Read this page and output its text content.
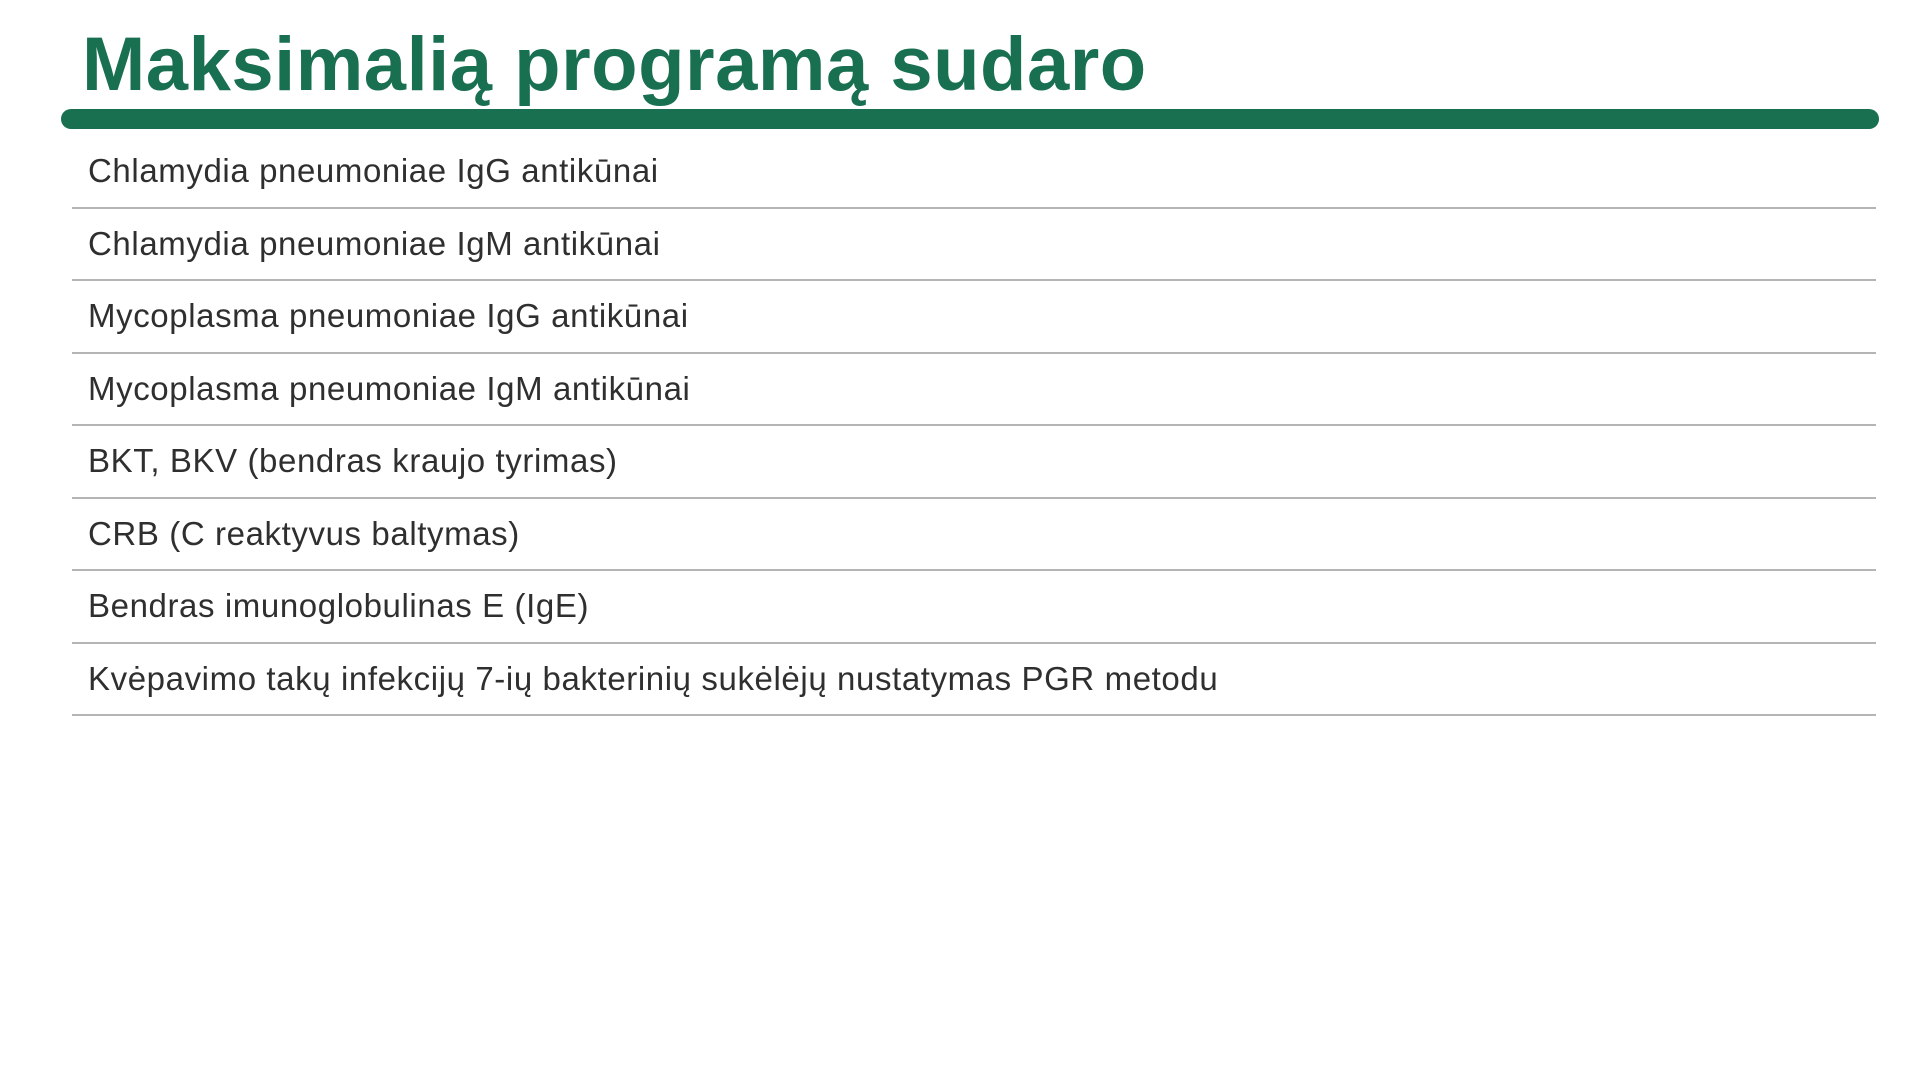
Maksimalią programą sudaro
Chlamydia pneumoniae IgG antikūnai
Chlamydia pneumoniae IgM antikūnai
Mycoplasma pneumoniae IgG antikūnai
Mycoplasma pneumoniae IgM antikūnai
BKT, BKV (bendras kraujo tyrimas)
CRB (C reaktyvus baltymas)
Bendras imunoglobulinas E (IgE)
Kvėpavimo takų infekcijų 7-ių bakterinių sukėlėjų nustatymas PGR metodu
